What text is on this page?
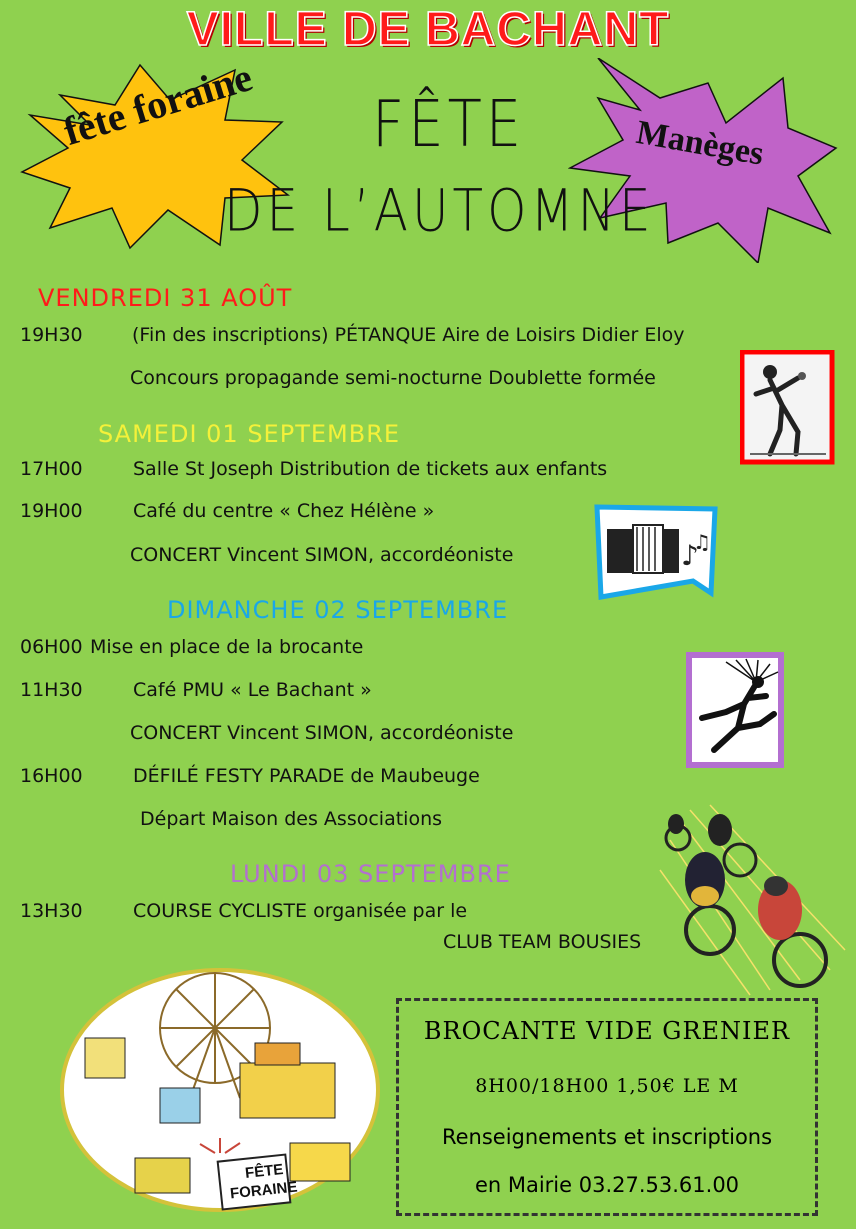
VILLE DE BACHANT
fête foraine	Manèges
FÊTE
DE L’AUTOMNE
VENDREDI 31 AOÛT
19H30	(Fin des inscriptions) PÉTANQUE Aire de Loisirs Didier Eloy
Concours propagande semi-nocturne Doublette formée
SAMEDI 01 SEPTEMBRE
17H00	Salle St Joseph Distribution de tickets aux enfants
19H00	Café du centre « Chez Hélène »
CONCERT Vincent SIMON, accordéoniste
DIMANCHE 02 SEPTEMBRE
06H00 Mise en place de la brocante
11H30	Café PMU « Le Bachant »
CONCERT Vincent SIMON, accordéoniste
16H00	DÉFILÉ FESTY PARADE de Maubeuge
Départ Maison des Associations
LUNDI 03 SEPTEMBRE
13H30	COURSE CYCLISTE organisée par le
CLUB TEAM BOUSIES
♪
♫
FÊTE
FORAINE
BROCANTE VIDE GRENIER
8H00/18H00 1,50€ LE M
Renseignements et inscriptions
en Mairie 03.27.53.61.00
